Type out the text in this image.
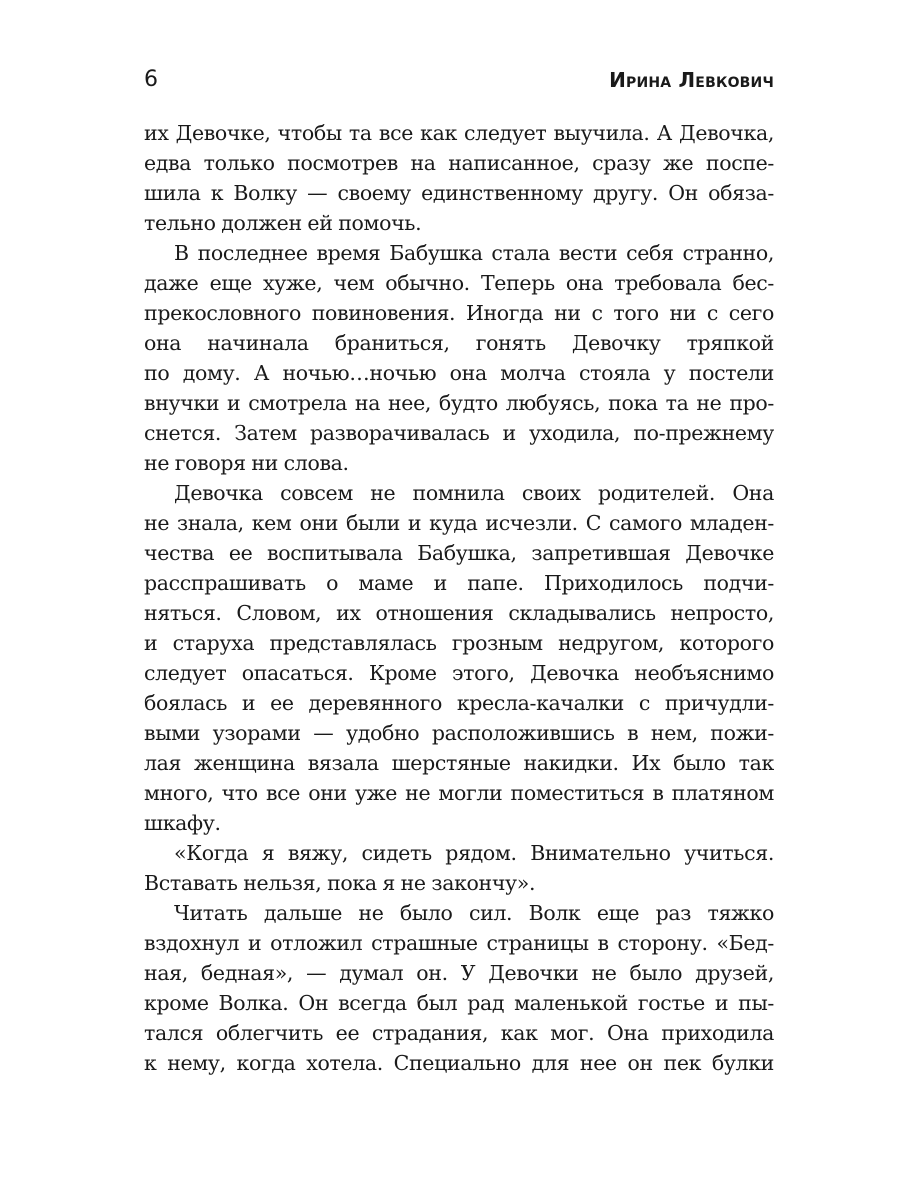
6	Ирина Левкович
их Девочке, чтобы та все как следует выучила. А Девочка,
едва только посмотрев на написанное, сразу же поспе-
шила к Волку — своему единственному другу. Он обяза-
тельно должен ей помочь.
В последнее время Бабушка стала вести себя странно,
даже еще хуже, чем обычно. Теперь она требовала бес-
прекословного повиновения. Иногда ни с того ни с сего
она начинала браниться, гонять Девочку тряпкой
по дому. А ночью…ночью она молча стояла у постели
внучки и смотрела на нее, будто любуясь, пока та не про-
снется. Затем разворачивалась и уходила, по-прежнему
не говоря ни слова.
Девочка совсем не помнила своих родителей. Она
не знала, кем они были и куда исчезли. С самого младен-
чества ее воспитывала Бабушка, запретившая Девочке
расспрашивать о маме и папе. Приходилось подчи-
няться. Словом, их отношения складывались непросто,
и старуха представлялась грозным недругом, которого
следует опасаться. Кроме этого, Девочка необъяснимо
боялась и ее деревянного кресла-качалки с причудли-
выми узорами — удобно расположившись в нем, пожи-
лая женщина вязала шерстяные накидки. Их было так
много, что все они уже не могли поместиться в платяном
шкафу.
«Когда я вяжу, сидеть рядом. Внимательно учиться.
Вставать нельзя, пока я не закончу».
Читать дальше не было сил. Волк еще раз тяжко
вздохнул и отложил страшные страницы в сторону. «Бед-
ная, бедная», — думал он. У Девочки не было друзей,
кроме Волка. Он всегда был рад маленькой гостье и пы-
тался облегчить ее страдания, как мог. Она приходила
к нему, когда хотела. Специально для нее он пек булки
